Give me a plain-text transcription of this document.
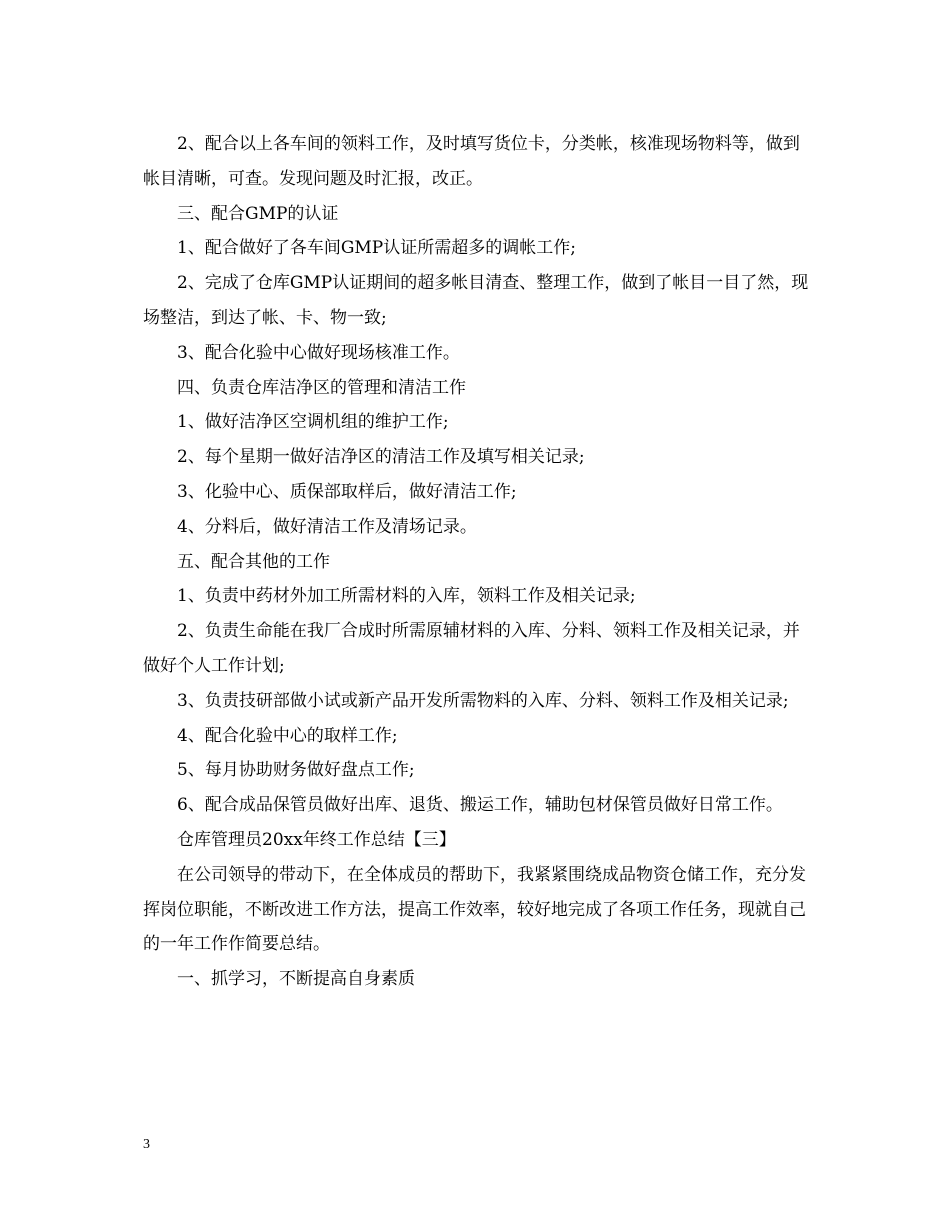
2、配合以上各车间的领料工作，及时填写货位卡，分类帐，核准现场物料等，做到帐目清晰，可查。发现问题及时汇报，改正。

三、配合GMP的认证

1、配合做好了各车间GMP认证所需超多的调帐工作;

2、完成了仓库GMP认证期间的超多帐目清查、整理工作，做到了帐目一目了然，现场整洁，到达了帐、卡、物一致;

3、配合化验中心做好现场核准工作。

四、负责仓库洁净区的管理和清洁工作

1、做好洁净区空调机组的维护工作;

2、每个星期一做好洁净区的清洁工作及填写相关记录;

3、化验中心、质保部取样后，做好清洁工作;

4、分料后，做好清洁工作及清场记录。

五、配合其他的工作

1、负责中药材外加工所需材料的入库，领料工作及相关记录;

2、负责生命能在我厂合成时所需原辅材料的入库、分料、领料工作及相关记录，并做好个人工作计划;

3、负责技研部做小试或新产品开发所需物料的入库、分料、领料工作及相关记录;

4、配合化验中心的取样工作;

5、每月协助财务做好盘点工作;

6、配合成品保管员做好出库、退货、搬运工作，辅助包材保管员做好日常工作。

仓库管理员20xx年终工作总结【三】

在公司领导的带动下，在全体成员的帮助下，我紧紧围绕成品物资仓储工作，充分发挥岗位职能，不断改进工作方法，提高工作效率，较好地完成了各项工作任务，现就自己的一年工作作简要总结。

一、抓学习，不断提高自身素质

3
